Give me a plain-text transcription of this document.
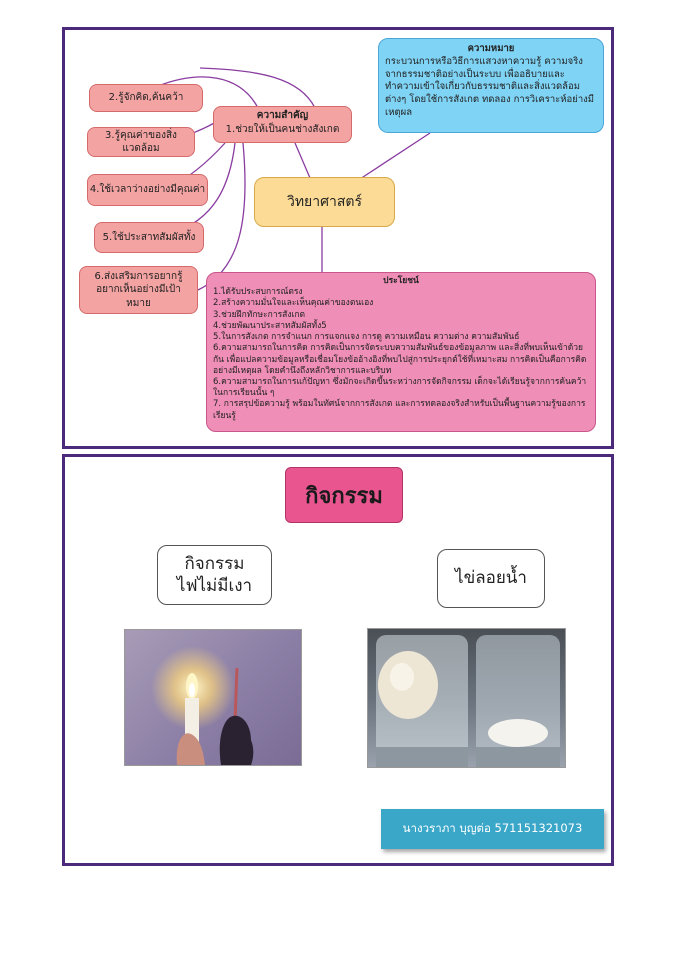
ความหมาย
กระบวนการหรือวิธีการแสวงหาความรู้ ความจริงจากธรรมชาติอย่างเป็นระบบ เพื่ออธิบายและทำความเข้าใจเกี่ยวกับธรรมชาติและสิ่งแวดล้อมต่างๆ โดยใช้การสังเกต ทดลอง การวิเคราะห์อย่างมีเหตุผล
2.รู้จักคิด,ค้นคว้า
ความสำคัญ
1.ช่วยให้เป็นคนช่างสังเกต
3.รู้คุณค่าของสิ่งแวดล้อม
4.ใช้เวลาว่างอย่างมีคุณค่า
5.ใช้ประสาทสัมผัสทั้ง
6.ส่งเสริมการอยากรู้อยากเห็นอย่างมีเป้าหมาย
วิทยาศาสตร์
ประโยชน์
1.ได้รับประสบการณ์ตรง
2.สร้างความมั่นใจและเห็นคุณค่าของตนเอง
3.ช่วยฝึกทักษะการสังเกต
4.ช่วยพัฒนาประสาทสัมผัสทั้ง5
5.ในการสังเกต การจำแนก การแจกแจง การดู ความเหมือน ความต่าง ความสัมพันธ์
6.ความสามารถในการคิด การคิดเป็นการจัดระบบความสัมพันธ์ของข้อมูลภาพ และสิ่งที่พบเห็นเข้าด้วยกัน เพื่อแปลความข้อมูลหรือเชื่อมโยงข้ออ้างอิงที่พบไปสู่การประยุกต์ใช้ที่เหมาะสม การคิดเป็นคือการคิดอย่างมีเหตุผล โดยคำนึงถึงหลักวิชาการและบริบท
6.ความสามารถในการแก้ปัญหา ซึ่งมักจะเกิดขึ้นระหว่างการจัดกิจกรรม เด็กจะได้เรียนรู้จากการค้นคว้าในการเรียนนั้น ๆ
7. การสรุปข้อความรู้ พร้อมในทัศน์จากการสังเกต และการทดลองจริงสำหรับเป็นพื้นฐานความรู้ของการเรียนรู้
กิจกรรม
กิจกรรม
ไฟไม่มีเงา	ไข่ลอยน้ำ
นางวราภา บุญต่อ 571151321073
